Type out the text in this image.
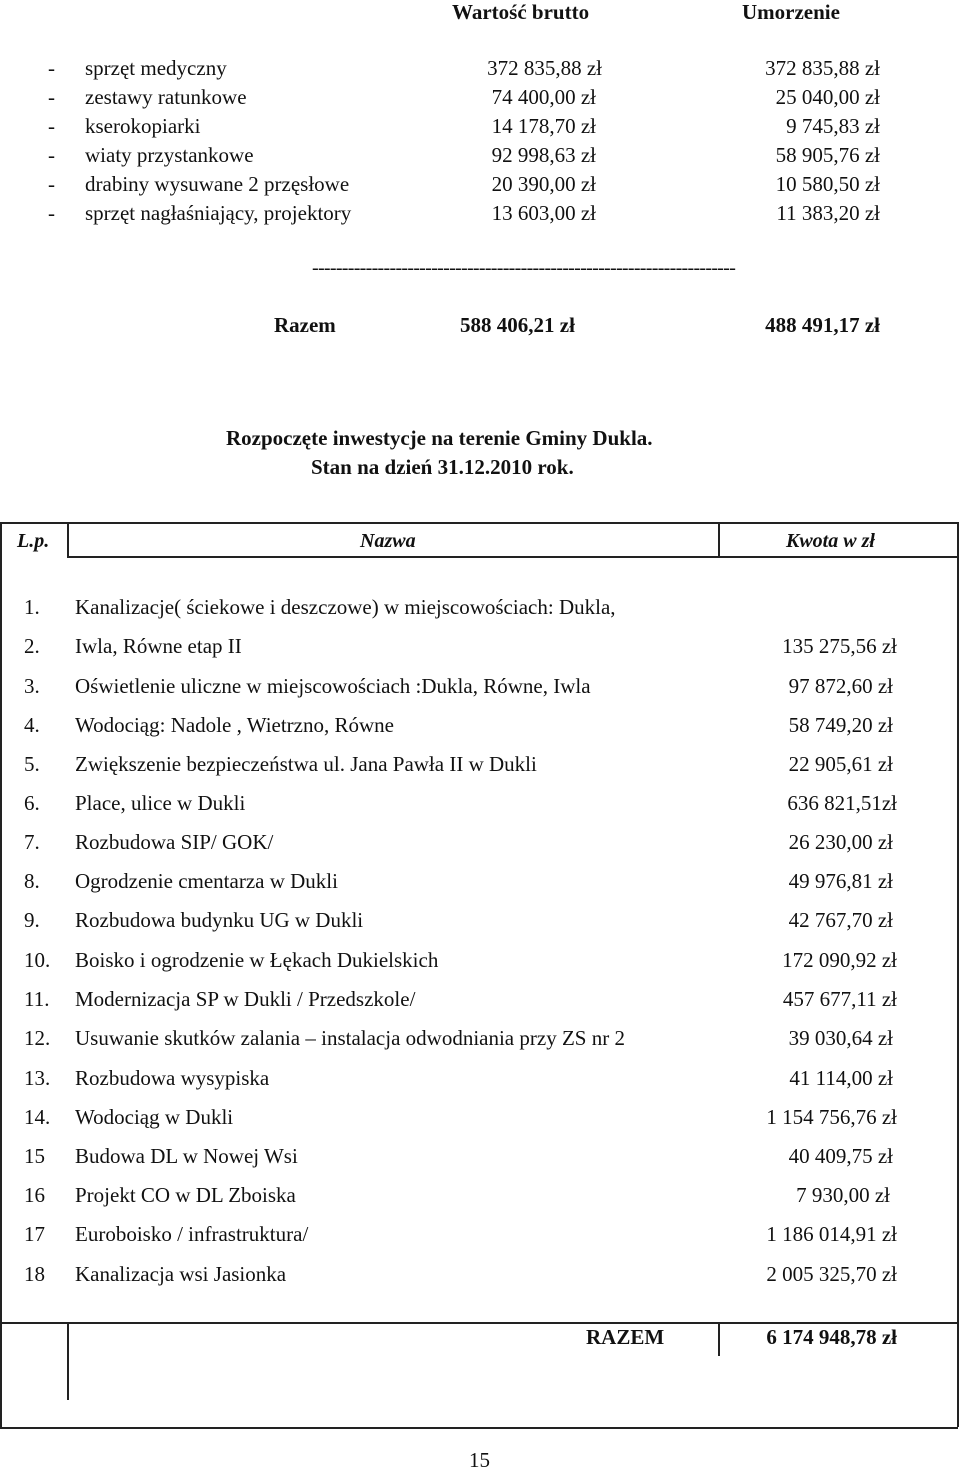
Wartość brutto	Umorzenie
- sprzęt medyczny	372 835,88 zł	372 835,88 zł
- zestawy ratunkowe	74 400,00 zł	25 040,00 zł
- kserokopiarki	14 178,70 zł	9 745,83 zł
- wiaty przystankowe	92 998,63 zł	58 905,76 zł
- drabiny wysuwane 2 przęsłowe	20 390,00 zł	10 580,50 zł
- sprzęt nagłaśniający, projektory	13 603,00 zł	11 383,20 zł
-----------------------------------------------------------------------
Razem	588 406,21 zł	488 491,17 zł
Rozpoczęte inwestycje na terenie Gminy Dukla.
Stan na dzień 31.12.2010 rok.
L.p.	Nazwa	Kwota w zł
1. Kanalizacje( ściekowe i deszczowe) w miejscowościach: Dukla,
2. Iwla, Równe etap II	135 275,56 zł
3. Oświetlenie uliczne w miejscowościach :Dukla, Równe, Iwla	97 872,60 zł
4. Wodociąg: Nadole , Wietrzno, Równe	58 749,20 zł
5. Zwiększenie bezpieczeństwa ul. Jana Pawła II w Dukli	22 905,61 zł
6. Place, ulice w Dukli	636 821,51zł
7. Rozbudowa SIP/ GOK/	26 230,00 zł
8. Ogrodzenie cmentarza w Dukli	49 976,81 zł
9. Rozbudowa budynku UG w Dukli	42 767,70 zł
10. Boisko i ogrodzenie w Łękach Dukielskich	172 090,92 zł
11. Modernizacja SP w Dukli / Przedszkole/	457 677,11 zł
12. Usuwanie skutków zalania – instalacja odwodniania przy ZS nr 2	39 030,64 zł
13. Rozbudowa wysypiska	41 114,00 zł
14. Wodociąg w Dukli	1 154 756,76 zł
15 Budowa DL w Nowej Wsi	40 409,75 zł
16 Projekt CO w DL Zboiska	7 930,00 zł
17 Euroboisko / infrastruktura/	1 186 014,91 zł
18 Kanalizacja wsi Jasionka	2 005 325,70 zł
RAZEM	6 174 948,78 zł
15
